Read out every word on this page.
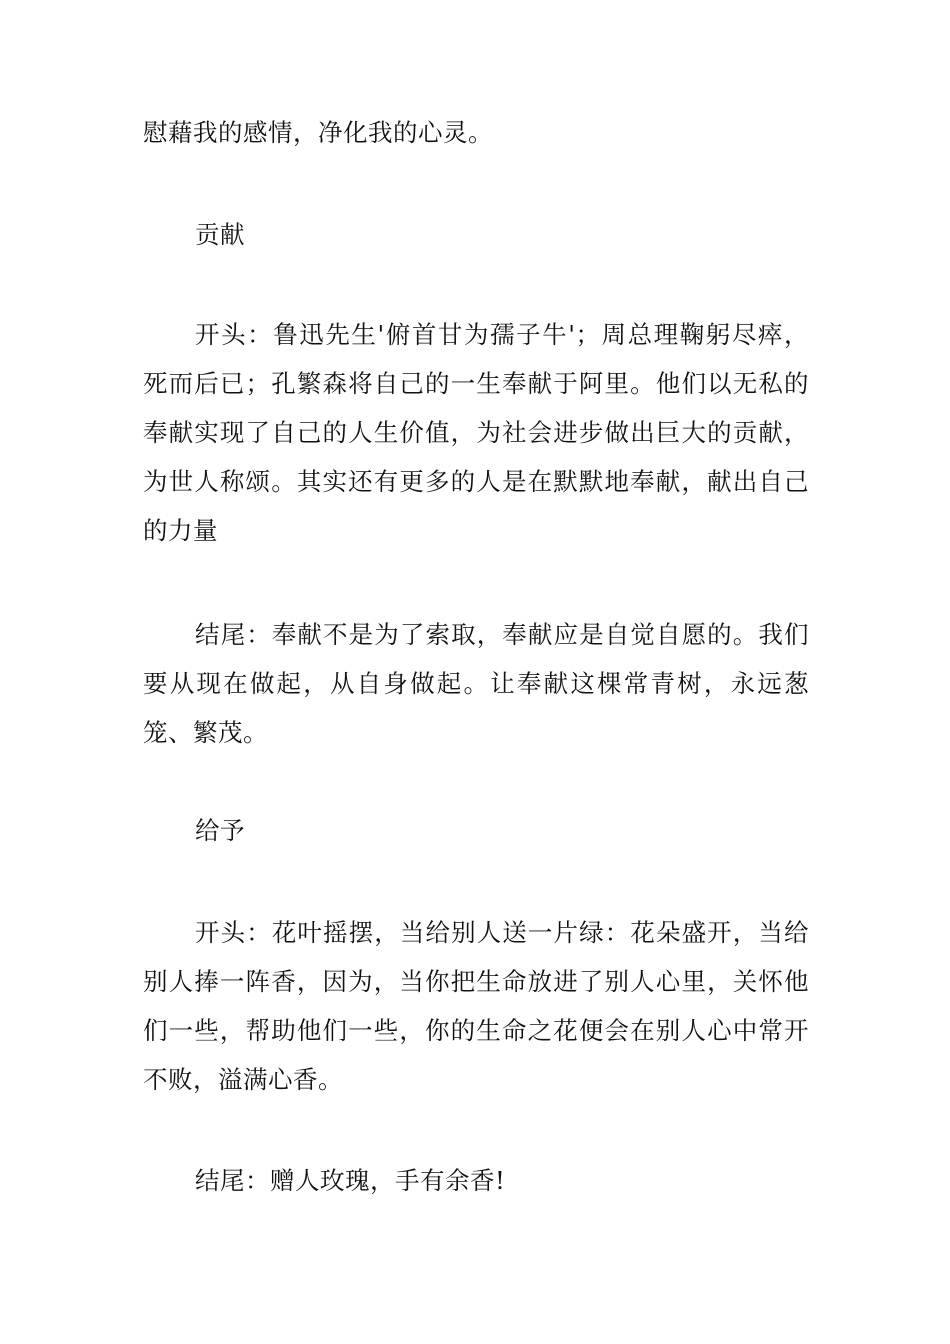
慰藉我的感情，净化我的心灵。

贡献

开头：鲁迅先生'俯首甘为孺子牛'；周总理鞠躬尽瘁，死而后已；孔繁森将自己的一生奉献于阿里。他们以无私的奉献实现了自己的人生价值，为社会进步做出巨大的贡献，为世人称颂。其实还有更多的人是在默默地奉献，献出自己的力量

结尾：奉献不是为了索取，奉献应是自觉自愿的。我们要从现在做起，从自身做起。让奉献这棵常青树，永远葱笼、繁茂。

给予

开头：花叶摇摆，当给别人送一片绿：花朵盛开，当给别人捧一阵香，因为，当你把生命放进了别人心里，关怀他们一些，帮助他们一些，你的生命之花便会在别人心中常开不败，溢满心香。

结尾：赠人玫瑰，手有余香!
